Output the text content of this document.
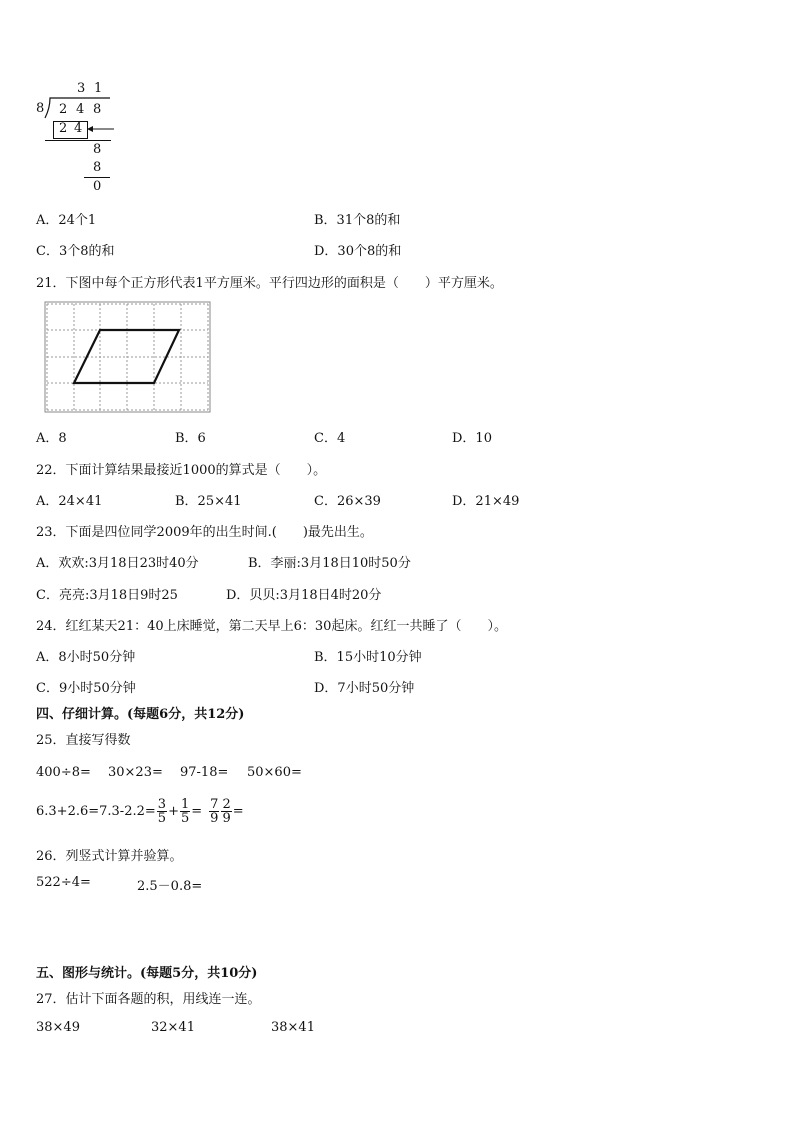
3 1
8 2 4 8
2 4
8
8
0
A．24个1	B．31个8的和
C．3个8的和	D．30个8的和
21．下图中每个正方形代表1平方厘米。平行四边形的面积是（　　）平方厘米。
A．8	B．6	C．4	D．10
22．下面计算结果最接近1000的算式是（　　）。
A．24×41	B．25×41	C．26×39	D．21×49
23．下面是四位同学2009年的出生时间.(　　)最先出生。
A．欢欢:3月18日23时40分	B．李丽:3月18日10时50分
C．亮亮:3月18日9时25	D．贝贝:3月18日4时20分
24．红红某天21：40上床睡觉，第二天早上6：30起床。红红一共睡了（　　）。
A．8小时50分钟	B．15小时10分钟
C．9小时50分钟	D．7小时50分钟
四、仔细计算。(每题6分，共12分)
25．直接写得数
400÷8= 30×23= 97-18= 50×60=
$6.3+2.6=7.3-2.2= \frac{3}{5} + \frac{1}{5} = \frac{7}{9} \frac{2}{9}$ =
26．列竖式计算并验算。
522÷4=	2.5－0.8=
五、图形与统计。(每题5分，共10分)
27．估计下面各题的积，用线连一连。
38×49	32×41	38×41
